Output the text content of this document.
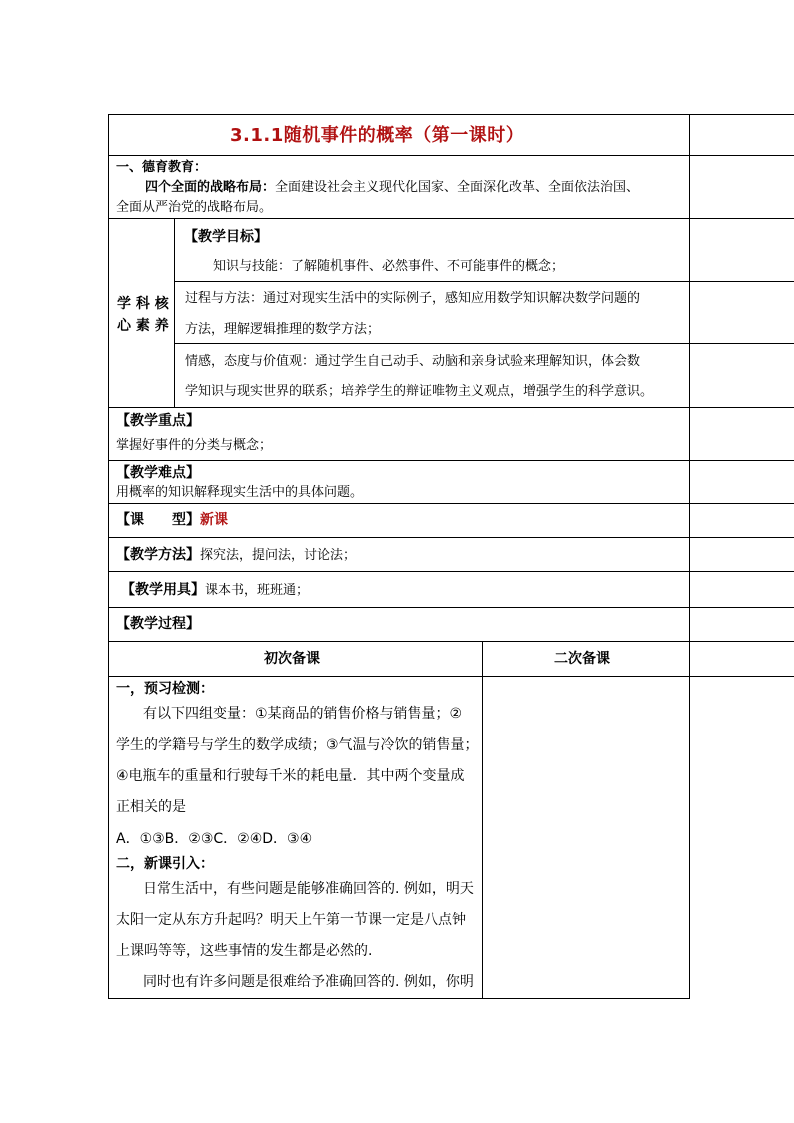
3.1.1随机事件的概率（第一课时）
一、德育教育：
四个全面的战略布局：全面建设社会主义现代化国家、全面深化改革、全面依法治国、
全面从严治党的战略布局。
学 科 核
心 素 养
【教学目标】
知识与技能：了解随机事件、必然事件、不可能事件的概念；
过程与方法：通过对现实生活中的实际例子，感知应用数学知识解决数学问题的
方法，理解逻辑推理的数学方法；
情感，态度与价值观：通过学生自己动手、动脑和亲身试验来理解知识，体会数
学知识与现实世界的联系；培养学生的辩证唯物主义观点，增强学生的科学意识。
【教学重点】
掌握好事件的分类与概念；
【教学难点】
用概率的知识解释现实生活中的具体问题。
【课　　型】新课
【教学方法】探究法，提问法，讨论法；
【教学用具】课本书，班班通；
【教学过程】
初次备课	二次备课
一，预习检测：
有以下四组变量：①某商品的销售价格与销售量；②
学生的学籍号与学生的数学成绩；③气温与冷饮的销售量；
④电瓶车的重量和行驶每千米的耗电量．其中两个变量成
正相关的是
A．①③B．②③C．②④D．③④
二，新课引入：
日常生活中，有些问题是能够准确回答的. 例如，明天
太阳一定从东方升起吗？明天上午第一节课一定是八点钟
上课吗等等，这些事情的发生都是必然的.
同时也有许多问题是很难给予准确回答的. 例如，你明
